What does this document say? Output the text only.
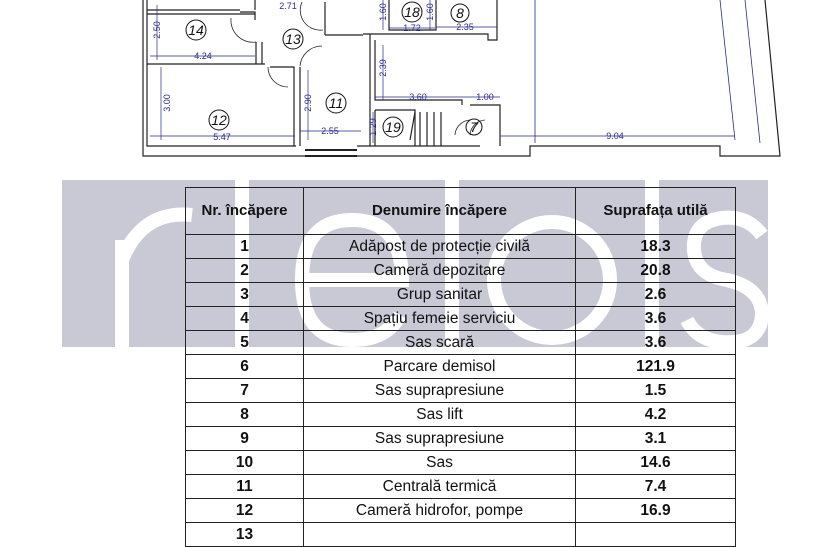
14
13
18	8
11
12	19	7
2.71
2.50
4.24
1.60
1.72
1.60
2.35
2.39
3.60	1.00
3.00
5.47
2.90
2.55	1.29
9.04
Nr. încăpere	Denumire încăpere	Suprafața utilă
1	Adăpost de protecție civilă	18.3
2	Cameră depozitare	20.8
3	Grup sanitar	2.6
4	Spațiu femeie serviciu	3.6
5	Sas scară	3.6
6	Parcare demisol	121.9
7	Sas suprapresiune	1.5
8	Sas lift	4.2
9	Sas suprapresiune	3.1
10	Sas	14.6
11	Centrală termică	7.4
12	Cameră hidrofor, pompe	16.9
13		
